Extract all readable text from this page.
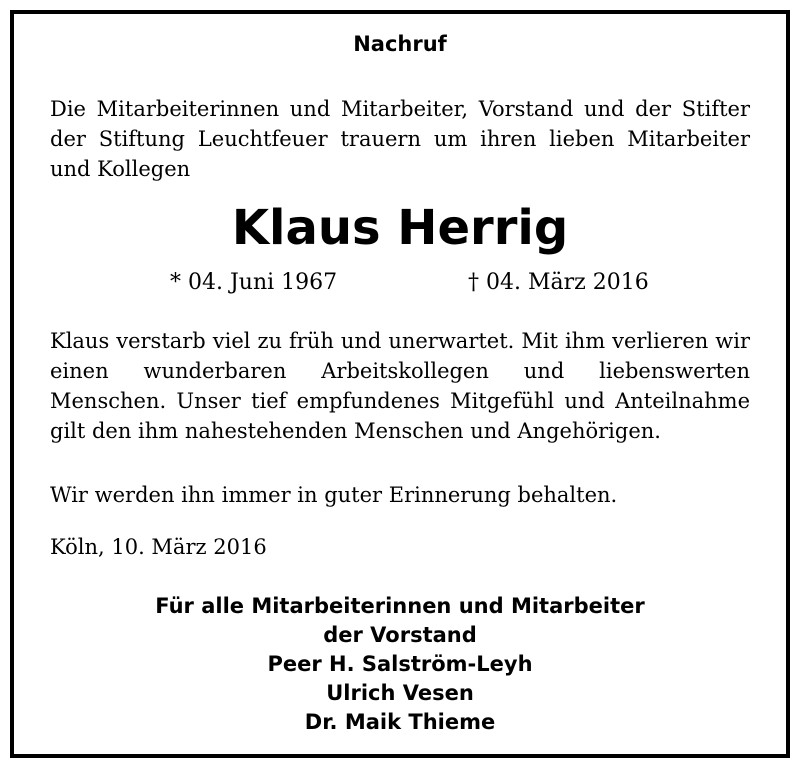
Nachruf
Die Mitarbeiterinnen und Mitarbeiter, Vorstand und der Stifter der Stiftung Leuchtfeuer trauern um ihren lieben Mitarbeiter und Kollegen
Klaus Herrig
* 04. Juni 1967	† 04. März 2016
Klaus verstarb viel zu früh und unerwartet. Mit ihm verlieren wir einen wunderbaren Arbeitskollegen und liebenswerten Menschen. Unser tief empfundenes Mitgefühl und Anteilnahme gilt den ihm nahestehenden Menschen und Angehörigen.
Wir werden ihn immer in guter Erinnerung behalten.
Köln, 10. März 2016
Für alle Mitarbeiterinnen und Mitarbeiter
der Vorstand
Peer H. Salström-Leyh
Ulrich Vesen
Dr. Maik Thieme
